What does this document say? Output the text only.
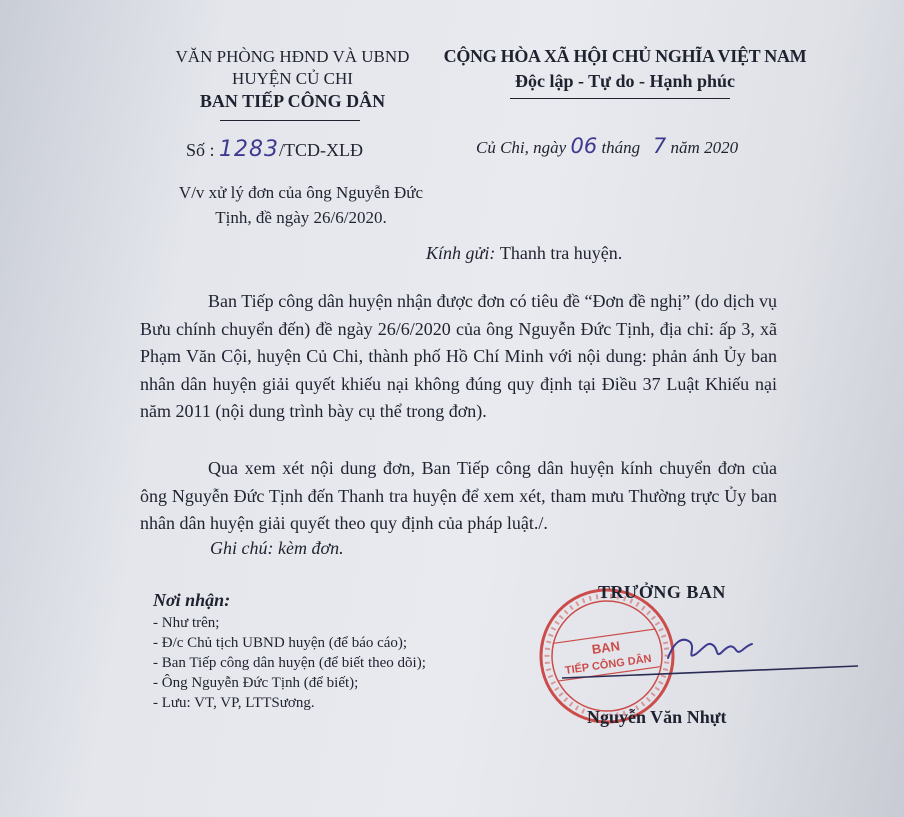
VĂN PHÒNG HĐND VÀ UBND
HUYỆN CỦ CHI
BAN TIẾP CÔNG DÂN
CỘNG HÒA XÃ HỘI CHỦ NGHĨA VIỆT NAM
Độc lập - Tự do - Hạnh phúc
Số : 1283/TCD-XLĐ	Củ Chi, ngày 06 tháng 7 năm 2020
V/v xử lý đơn của ông Nguyễn Đức Tịnh, đề ngày 26/6/2020.
Kính gửi: Thanh tra huyện.

Ban Tiếp công dân huyện nhận được đơn có tiêu đề “Đơn đề nghị” (do dịch vụ Bưu chính chuyển đến) đề ngày 26/6/2020 của ông Nguyễn Đức Tịnh, địa chỉ: ấp 3, xã Phạm Văn Cội, huyện Củ Chi, thành phố Hồ Chí Minh với nội dung: phản ánh Ủy ban nhân dân huyện giải quyết khiếu nại không đúng quy định tại Điều 37 Luật Khiếu nại năm 2011 (nội dung trình bày cụ thể trong đơn).

Qua xem xét nội dung đơn, Ban Tiếp công dân huyện kính chuyển đơn của ông Nguyễn Đức Tịnh đến Thanh tra huyện để xem xét, tham mưu Thường trực Ủy ban nhân dân huyện giải quyết theo quy định của pháp luật./.

Ghi chú: kèm đơn.
Nơi nhận:
- Như trên;
- Đ/c Chủ tịch UBND huyện (để báo cáo);
- Ban Tiếp công dân huyện (để biết theo dõi);
- Ông Nguyễn Đức Tịnh (để biết);
- Lưu: VT, VP, LTTSương.
BAN
TIẾP CÔNG DÂN
TRƯỞNG BAN
Nguyễn Văn Nhựt
